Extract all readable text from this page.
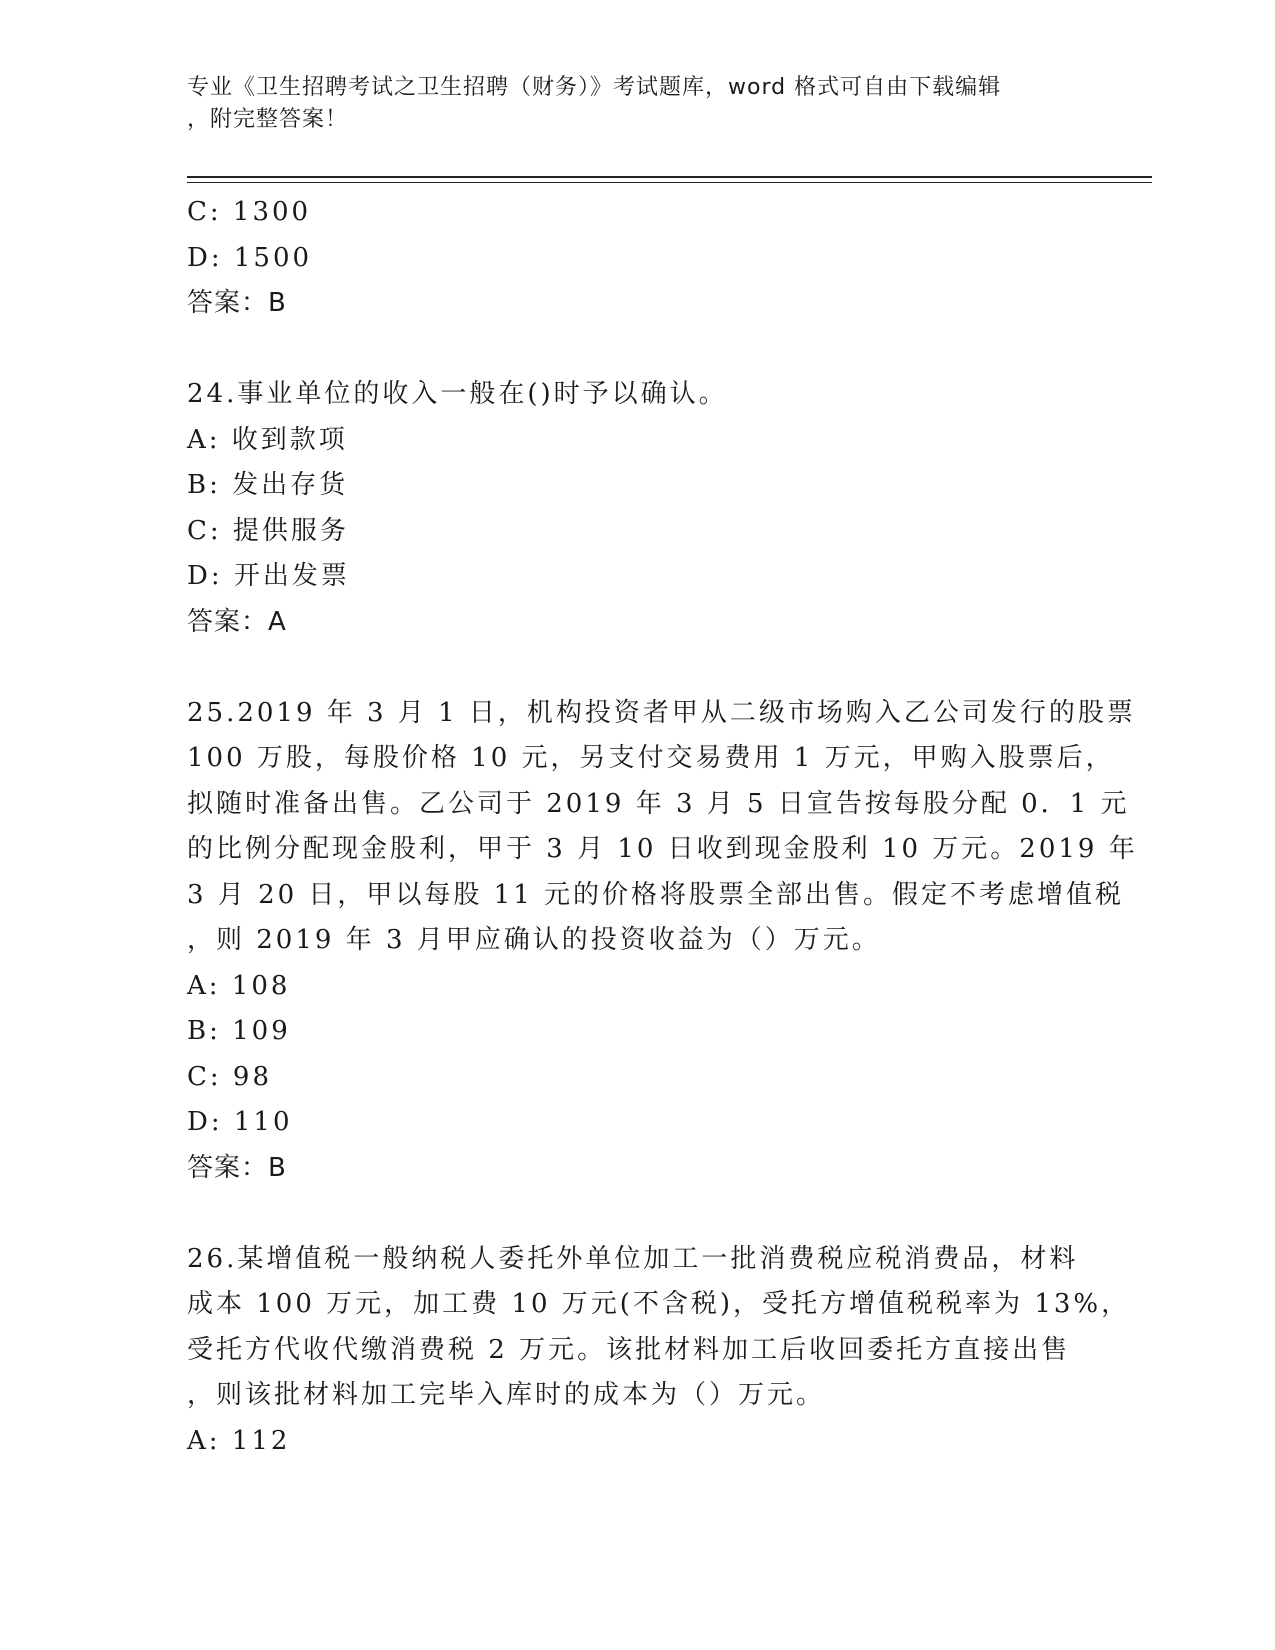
专业《卫生招聘考试之卫生招聘（财务）》考试题库，word 格式可自由下载编辑
，附完整答案！
C: 1300
D: 1500
答案：B
24.事业单位的收入一般在()时予以确认。
A: 收到款项
B: 发出存货
C: 提供服务
D: 开出发票
答案：A
25.2019 年 3 月 1 日，机构投资者甲从二级市场购入乙公司发行的股票
100 万股，每股价格 10 元，另支付交易费用 1 万元，甲购入股票后，
拟随时准备出售。乙公司于 2019 年 3 月 5 日宣告按每股分配 0．1 元
的比例分配现金股利，甲于 3 月 10 日收到现金股利 10 万元。2019 年
3 月 20 日，甲以每股 11 元的价格将股票全部出售。假定不考虑增值税
，则 2019 年 3 月甲应确认的投资收益为（）万元。
A: 108
B: 109
C: 98
D: 110
答案：B
26.某增值税一般纳税人委托外单位加工一批消费税应税消费品，材料
成本 100 万元，加工费 10 万元(不含税)，受托方增值税税率为 13%，
受托方代收代缴消费税 2 万元。该批材料加工后收回委托方直接出售
，则该批材料加工完毕入库时的成本为（）万元。
A: 112
